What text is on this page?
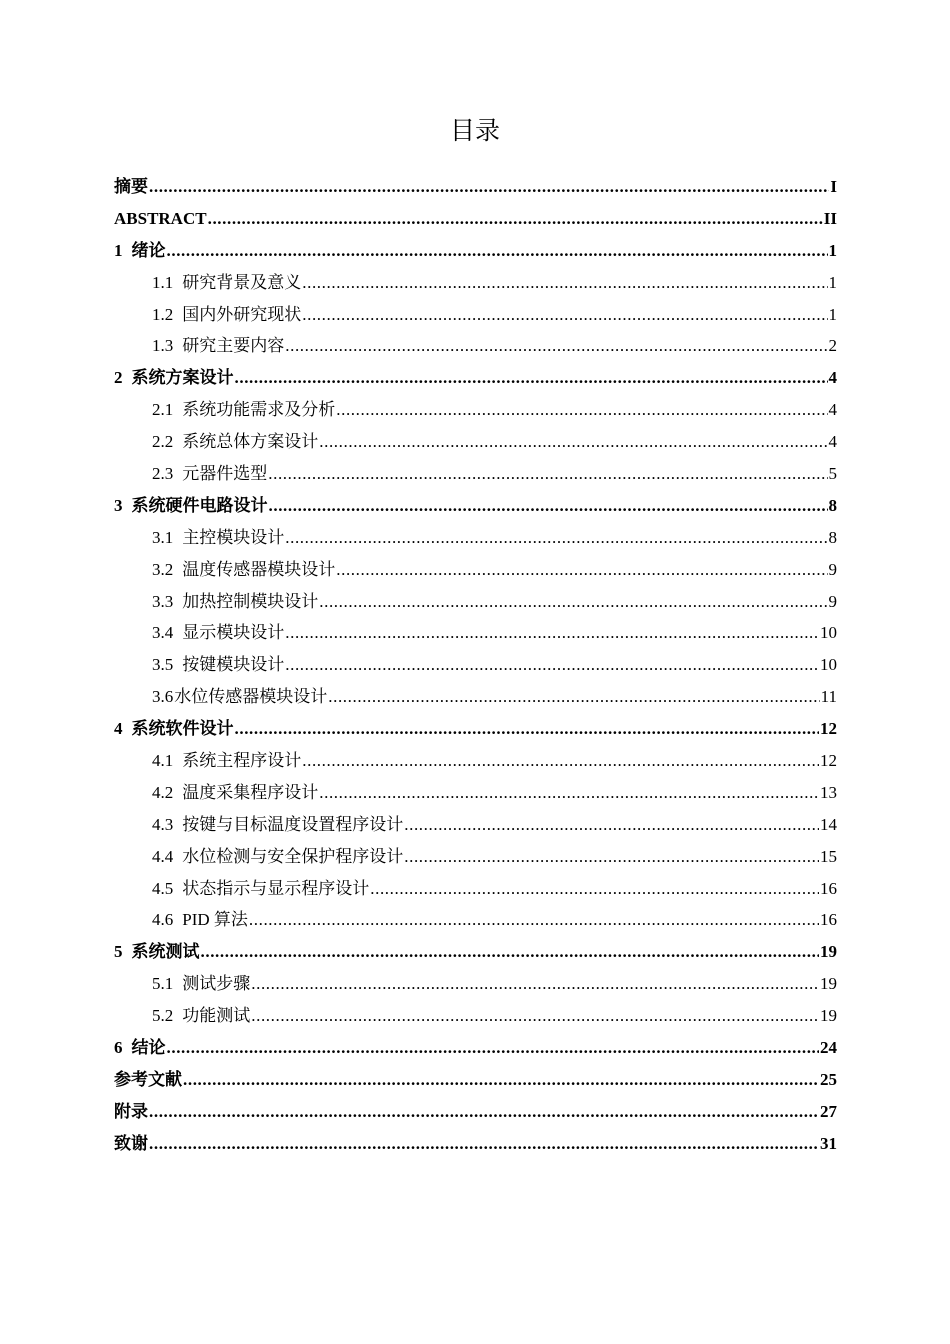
目录
摘要 .....	I
ABSTRACT .....	II
1 绪论 .....	1
1.1 研究背景及意义 .....	1
1.2 国内外研究现状 .....	1
1.3 研究主要内容 .....	2
2 系统方案设计 .....	4
2.1 系统功能需求及分析 .....	4
2.2 系统总体方案设计 .....	4
2.3 元器件选型 .....	5
3 系统硬件电路设计 .....	8
3.1 主控模块设计 .....	8
3.2 温度传感器模块设计 .....	9
3.3 加热控制模块设计 .....	9
3.4 显示模块设计 .....	10
3.5 按键模块设计 .....	10
3.6 水位传感器模块设计 .....	11
4 系统软件设计 .....	12
4.1 系统主程序设计 .....	12
4.2 温度采集程序设计 .....	13
4.3 按键与目标温度设置程序设计 .....	14
4.4 水位检测与安全保护程序设计 .....	15
4.5 状态指示与显示程序设计 .....	16
4.6 PID 算法 .....	16
5 系统测试 .....	19
5.1 测试步骤 .....	19
5.2 功能测试 .....	19
6 结论 .....	24
参考文献 .....	25
附录 .....	27
致谢 .....	31
